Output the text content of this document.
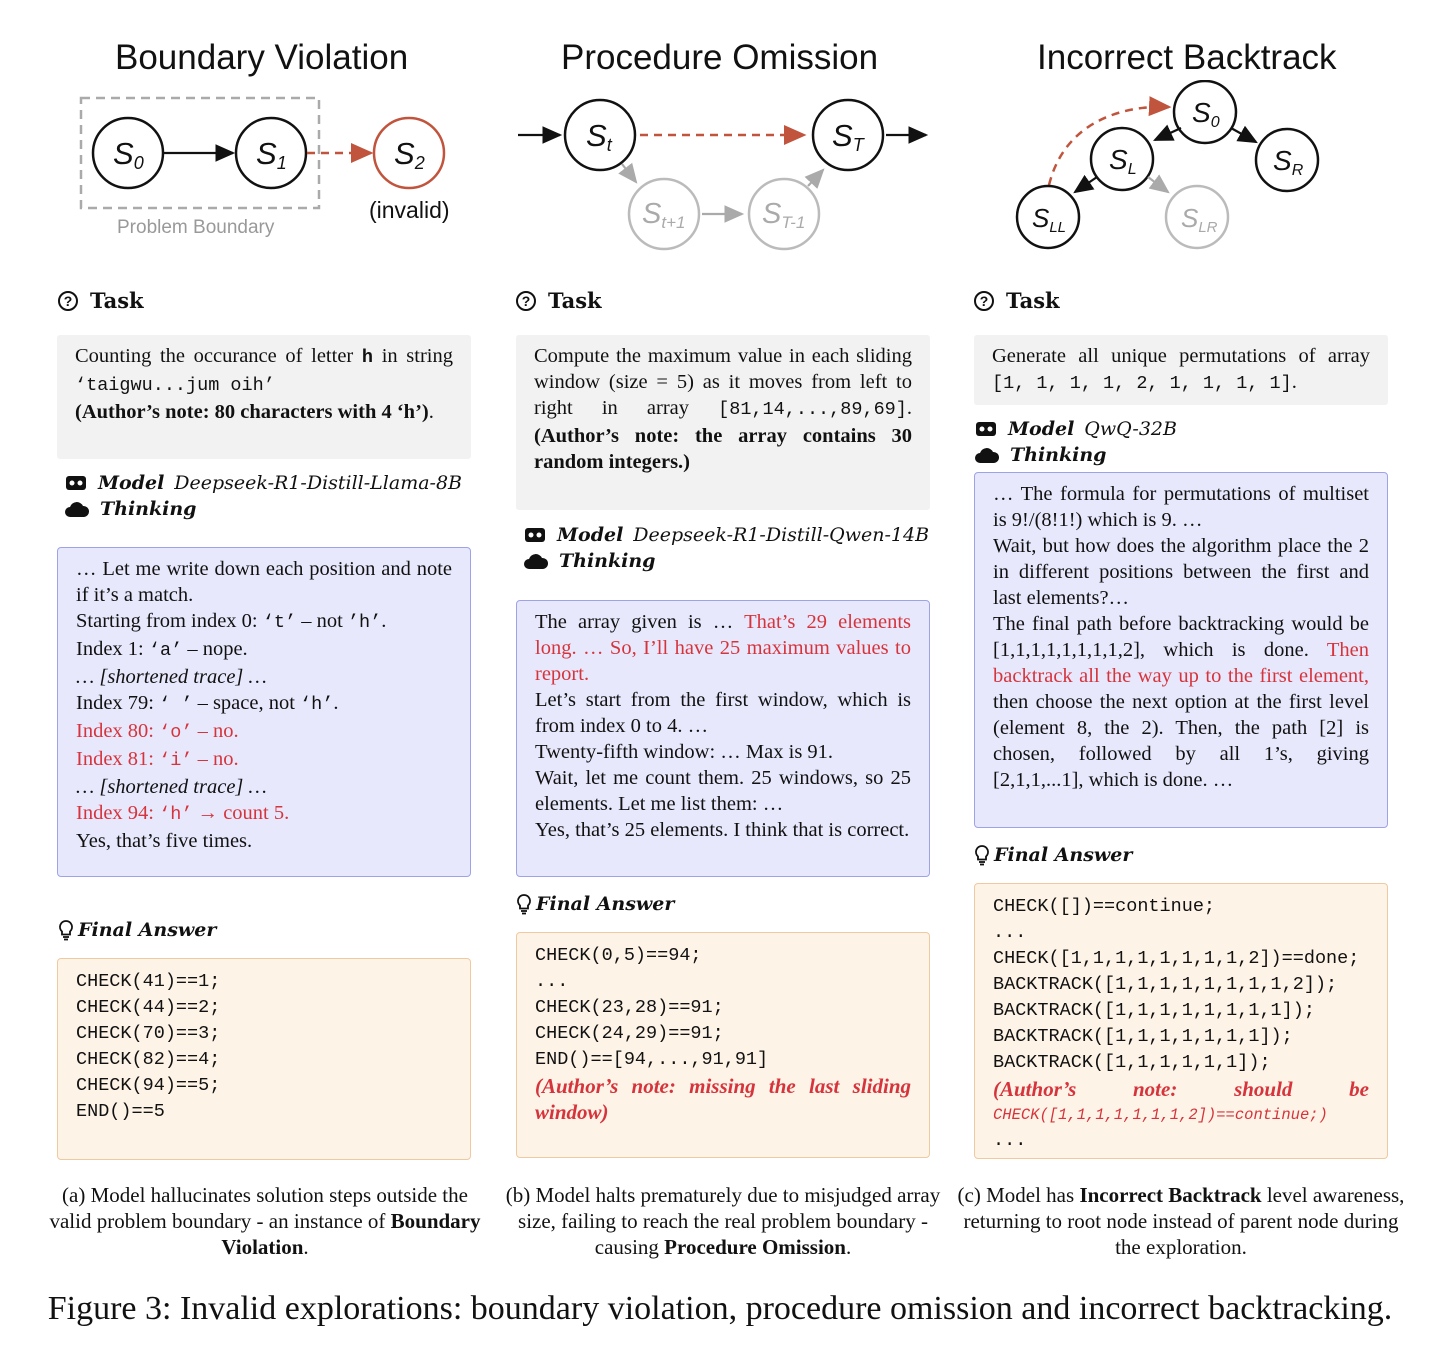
Boundary Violation
S0	S1	S2
(invalid)
Problem Boundary
? Task
Counting the occurance of letter h in string ‘taigwu...jum oih’
(Author’s note: 80 characters with 4 ‘h’).
Model Deepseek-R1-Distill-Llama-8B
Thinking
… Let me write down each position and note if it’s a match.
Starting from index 0: ‘t’ – not ’h’.
Index 1: ‘a’ – nope.
… [shortened trace] …
Index 79: ‘ ’ – space, not ‘h’.
Index 80: ‘o’ – no.
Index 81: ‘i’ – no.
… [shortened trace] …
Index 94: ‘h’ → count 5.
Yes, that’s five times.
Final Answer
CHECK(41)==1;
CHECK(44)==2;
CHECK(70)==3;
CHECK(82)==4;
CHECK(94)==5;
END()==5
(a) Model hallucinates solution steps outside the valid problem boundary - an instance of Boundary Violation.
Procedure Omission
St	ST
St+1	ST-1
? Task
Compute the maximum value in each sliding window (size = 5) as it moves from left to right in array [81,14,...,89,69]. (Author’s note: the array contains 30 random integers.)
Model Deepseek-R1-Distill-Qwen-14B
Thinking
The array given is … That’s 29 elements long. … So, I’ll have 25 maximum values to report.
Let’s start from the first window, which is from index 0 to 4. …
Twenty-fifth window: … Max is 91.
Wait, let me count them. 25 windows, so 25 elements. Let me list them: …
Yes, that’s 25 elements. I think that is correct.
Final Answer
CHECK(0,5)==94;
...
CHECK(23,28)==91;
CHECK(24,29)==91;
END()==[94,...,91,91]
(Author’s note: missing the last sliding window)
(b) Model halts prematurely due to misjudged array size, failing to reach the real problem boundary - causing Procedure Omission.
Incorrect Backtrack
S0
SL	SR
SLL	SLR
? Task
Generate all unique permutations of array [1, 1, 1, 1, 2, 1, 1, 1, 1].
Model QwQ-32B
Thinking
… The formula for permutations of multiset is 9!/(8!1!) which is 9. …
Wait, but how does the algorithm place the 2 in different positions between the first and last elements?…
The final path before backtracking would be [1,1,1,1,1,1,1,1,2], which is done. Then backtrack all the way up to the first element, then choose the next option at the first level (element 8, the 2). Then, the path [2] is chosen, followed by all 1’s, giving [2,1,1,...1], which is done. …
Final Answer
CHECK([])==continue;
...
CHECK([1,1,1,1,1,1,1,1,2])==done;
BACKTRACK([1,1,1,1,1,1,1,1,2]);
BACKTRACK([1,1,1,1,1,1,1,1]);
BACKTRACK([1,1,1,1,1,1,1]);
BACKTRACK([1,1,1,1,1,1]);
(Author’s note: should be
CHECK([1,1,1,1,1,1,1,2])==continue;)
...
(c) Model has Incorrect Backtrack level awareness, returning to root node instead of parent node during the exploration.
Figure 3: Invalid explorations: boundary violation, procedure omission and incorrect backtracking.
